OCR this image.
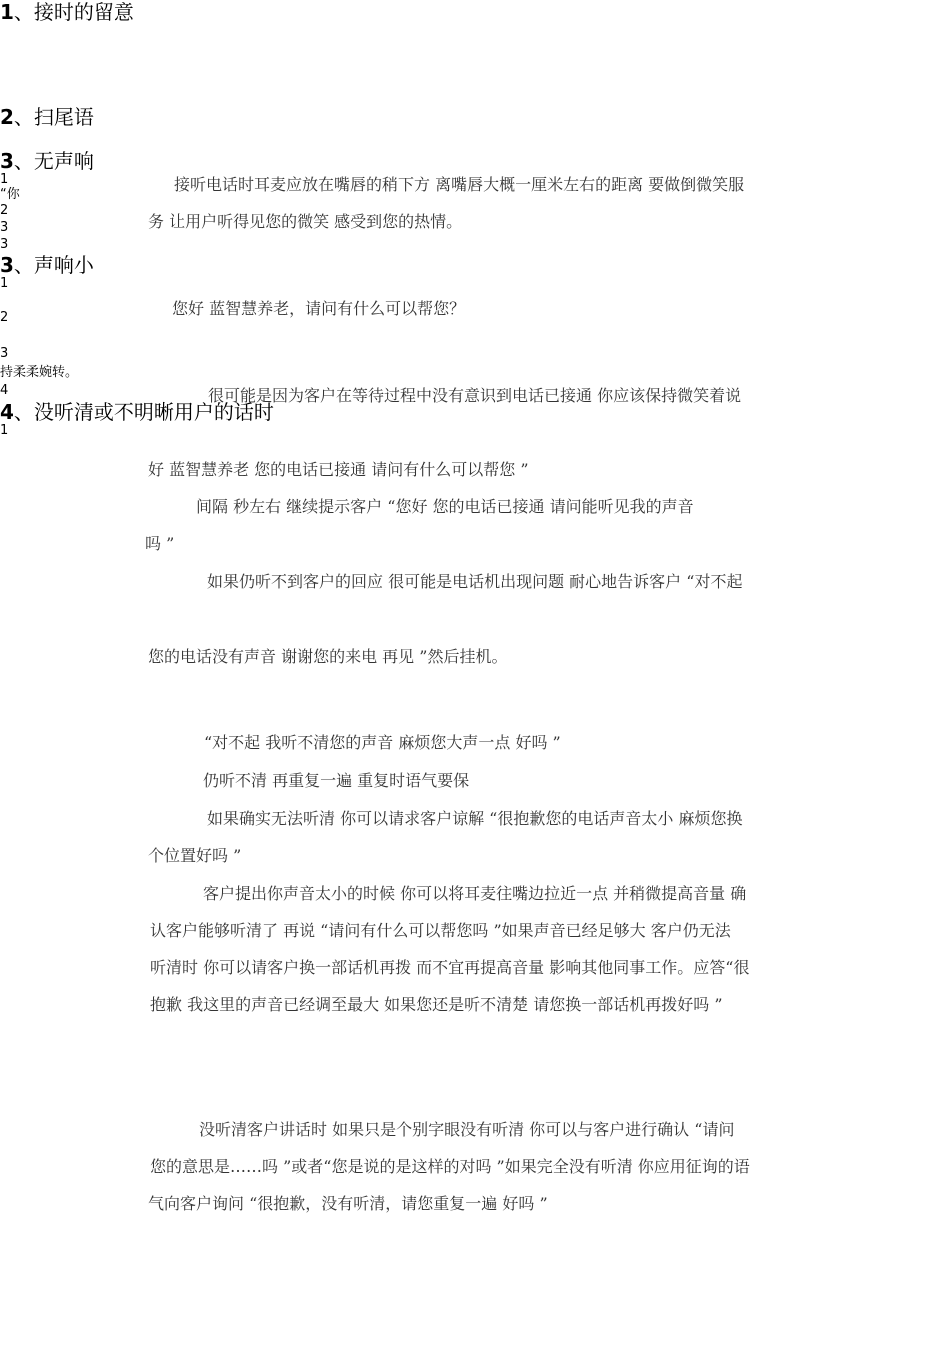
1、接时的留意
2、扫尾语
3、无声响
3、声响小
4、没听清或不明晰用户的话时
1
“你
2
3
3
1
2
3
持柔柔婉转。
4
1
接听电话时耳麦应放在嘴唇的稍下方 离嘴唇大概一厘米左右的距离 要做倒微笑服
务 让用户听得见您的微笑 感受到您的热情。
您好 蓝智慧养老，请问有什么可以帮您？
很可能是因为客户在等待过程中没有意识到电话已接通 你应该保持微笑着说
好 蓝智慧养老 您的电话已接通 请问有什么可以帮您 ”
间隔 秒左右 继续提示客户 “您好 您的电话已接通 请问能听见我的声音
吗 ”
如果仍听不到客户的回应 很可能是电话机出现问题 耐心地告诉客户 “对不起
您的电话没有声音 谢谢您的来电 再见 ”然后挂机。
“对不起 我听不清您的声音 麻烦您大声一点 好吗 ”
仍听不清 再重复一遍 重复时语气要保
如果确实无法听清 你可以请求客户谅解 “很抱歉您的电话声音太小 麻烦您换
个位置好吗 ”
客户提出你声音太小的时候 你可以将耳麦往嘴边拉近一点 并稍微提高音量 确
认客户能够听清了 再说 “请问有什么可以帮您吗 ”如果声音已经足够大 客户仍无法
听清时 你可以请客户换一部话机再拨 而不宜再提高音量 影响其他同事工作。应答“很
抱歉 我这里的声音已经调至最大 如果您还是听不清楚 请您换一部话机再拨好吗 ”
没听清客户讲话时 如果只是个别字眼没有听清 你可以与客户进行确认 “请问
您的意思是……吗 ”或者“您是说的是这样的对吗 ”如果完全没有听清 你应用征询的语
气向客户询问 “很抱歉，没有听清，请您重复一遍 好吗 ”
